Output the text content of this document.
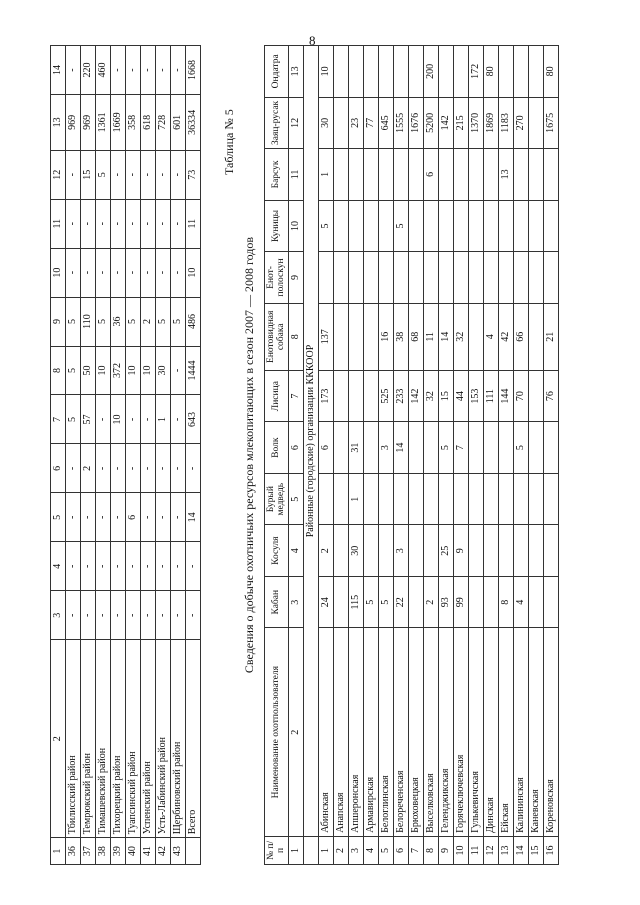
8
1	2	3	4	5	6	7	8	9	10	11	12	13	14
36	Тбилисский район	-	-	-	-	5	5	5	-	-	-	969	-
37	Темрюкский район	-	-	-	2	57	50	110	-	-	15	969	220
38	Тимашевский район	-	-	-	-	-	10	5	-	-	5	1361	460
39	Тихорецкий район	-	-	-	-	10	372	36	-	-	-	1669	-
40	Туапсинский район	-	-	6	-	-	10	5	-	-	-	358	-
41	Успенский район	-	-	-	-	-	10	2	-	-	-	618	-
42	Усть-Лабинский район	-	-	-	-	1	30	5	-	-	-	728	-
43	Щербиновский район	-	-	-	-	-	-	5	-	-	-	601	-
	Всего	-	-	14	-	643	1444	486	10	11	73	36334	1668
Таблица № 5
Сведения о добыче охотничьих ресурсов млекопитающих в сезон 2007 — 2008 годов
№ п/п	Наименование охотпользователя	Кабан	Косуля	Бурый медведь	Волк	Лисица	Енотовидная собака	Енот-полоскун	Куницы	Барсук	Заяц-русак	Ондатра
1	2	3	4	5	6	7	8	9	10	11	12	13
	Районные (городские) организации КККООР											
1	Абинская	24	2		6	173	137		5	1	30	10
2	Анапская											
3	Апшеронская	115	30	1	31						23	
4	Армавирская	5									77	
5	Белоглинская	5			3	525	16				645	
6	Белореченская	22	3		14	233	38		5		1555	
7	Брюховецкая					142	68				1676	
8	Выселковская	2				32	11			6	5200	200
9	Геленджикская	93	25		5	15	14				142	
10	Горячеключевская	99	9		7	44	32				215	
11	Гулькевичская					153					1370	172
12	Динская					111	4				1869	80
13	Ейская	8				144	42			13	1183	
14	Калининская	4			5	70	66				270	
15	Каневская											
16	Кореновская					76	21				1675	80
